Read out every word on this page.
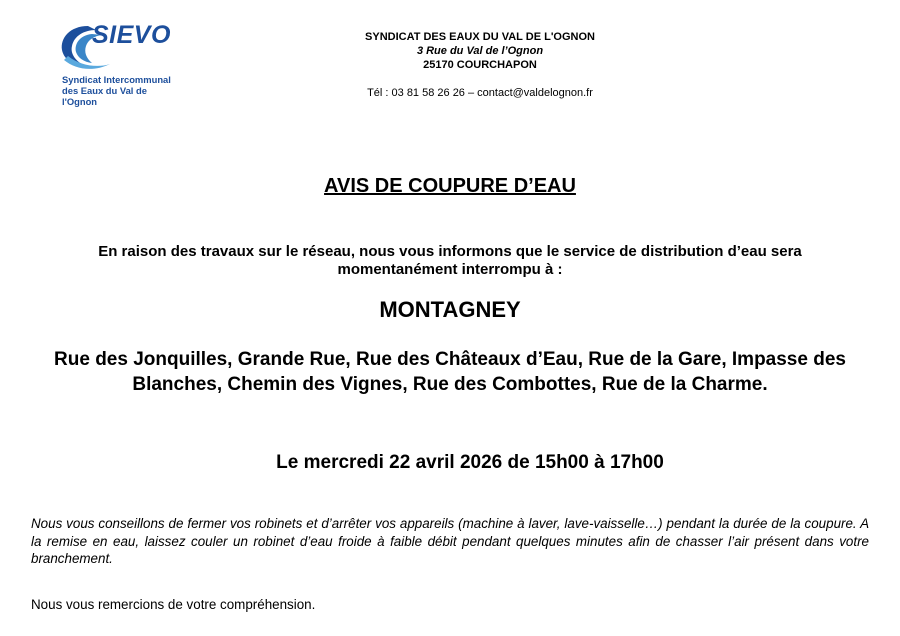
SIEVO
Syndicat Intercommunal
des Eaux du Val de l'Ognon
SYNDICAT DES EAUX DU VAL DE L'OGNON
3 Rue du Val de l’Ognon
25170 COURCHAPON
Tél : 03 81 58 26 26 – contact@valdelognon.fr
AVIS DE COUPURE D’EAU
En raison des travaux sur le réseau, nous vous informons que le service de distribution d’eau sera momentanément interrompu à :
MONTAGNEY
Rue des Jonquilles, Grande Rue, Rue des Châteaux d’Eau, Rue de la Gare, Impasse des Blanches, Chemin des Vignes, Rue des Combottes, Rue de la Charme.
Le mercredi 22 avril 2026 de 15h00 à 17h00
Nous vous conseillons de fermer vos robinets et d’arrêter vos appareils (machine à laver, lave-vaisselle…) pendant la durée de la coupure. A la remise en eau, laissez couler un robinet d’eau froide à faible débit pendant quelques minutes afin de chasser l’air présent dans votre branchement.
Nous vous remercions de votre compréhension.
